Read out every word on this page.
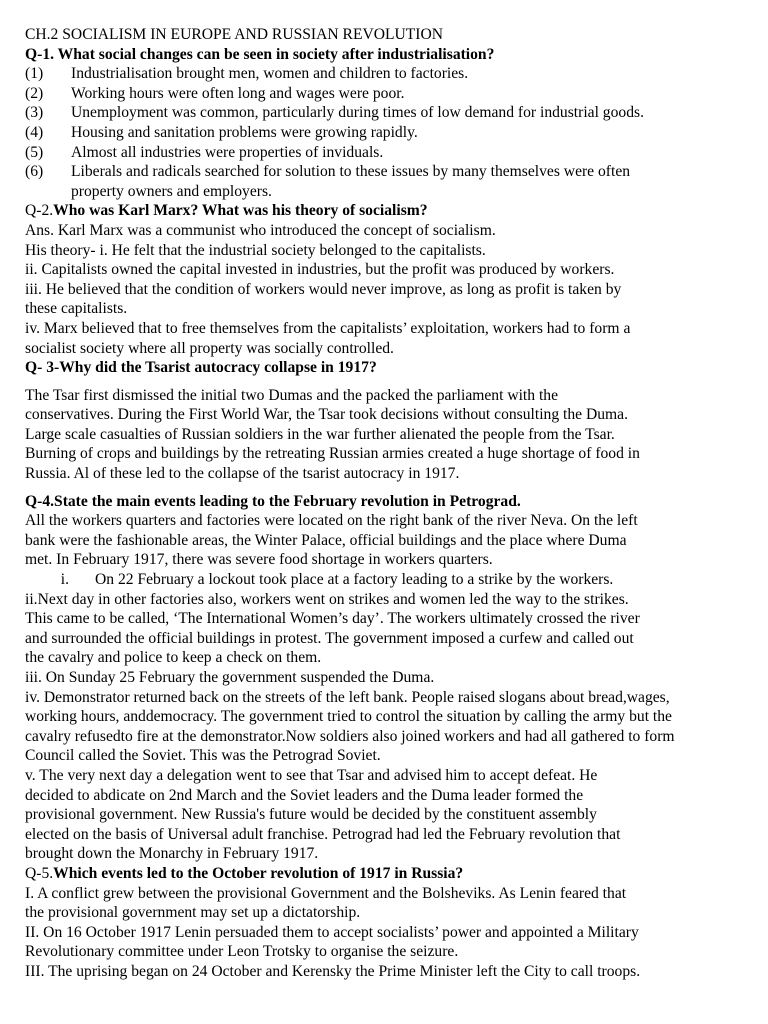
CH.2 SOCIALISM IN EUROPE AND RUSSIAN REVOLUTION
Q-1. What social changes can be seen in society after industrialisation?
(1)	Industrialisation brought men, women and children to factories.
(2)	Working hours were often long and wages were poor.
(3)	Unemployment was common, particularly during times of low demand for industrial goods.
(4)	Housing and sanitation problems were growing rapidly.
(5)	Almost all industries were properties of inviduals.
(6)	Liberals and radicals searched for solution to these issues by many themselves were often
property owners and employers.
Q-2.Who was Karl Marx? What was his theory of socialism?
Ans. Karl Marx was a communist who introduced the concept of socialism.
His theory- i. He felt that the industrial society belonged to the capitalists.
ii. Capitalists owned the capital invested in industries, but the profit was produced by workers.
iii. He believed that the condition of workers would never improve, as long as profit is taken by
these capitalists.
iv. Marx believed that to free themselves from the capitalists’ exploitation, workers had to form a
socialist society where all property was socially controlled.
Q- 3-Why did the Tsarist autocracy collapse in 1917?
The Tsar first dismissed the initial two Dumas and the packed the parliament with the
conservatives. During the First World War, the Tsar took decisions without consulting the Duma.
Large scale casualties of Russian soldiers in the war further alienated the people from the Tsar.
Burning of crops and buildings by the retreating Russian armies created a huge shortage of food in
Russia. Al of these led to the collapse of the tsarist autocracy in 1917.
Q-4.State the main events leading to the February revolution in Petrograd.
All the workers quarters and factories were located on the right bank of the river Neva. On the left
bank were the fashionable areas, the Winter Palace, official buildings and the place where Duma
met. In February 1917, there was severe food shortage in workers quarters.
i.	On 22 February a lockout took place at a factory leading to a strike by the workers.
ii.Next day in other factories also, workers went on strikes and women led the way to the strikes.
This came to be called, ‘The International Women’s day’. The workers ultimately crossed the river
and surrounded the official buildings in protest. The government imposed a curfew and called out
the cavalry and police to keep a check on them.
iii. On Sunday 25 February the government suspended the Duma.
iv. Demonstrator returned back on the streets of the left bank. People raised slogans about bread,wages,
working hours, anddemocracy. The government tried to control the situation by calling the army but the
cavalry refusedto fire at the demonstrator.Now soldiers also joined workers and had all gathered to form
Council called the Soviet. This was the Petrograd Soviet.
v. The very next day a delegation went to see that Tsar and advised him to accept defeat. He
decided to abdicate on 2nd March and the Soviet leaders and the Duma leader formed the
provisional government. New Russia's future would be decided by the constituent assembly
elected on the basis of Universal adult franchise. Petrograd had led the February revolution that
brought down the Monarchy in February 1917.
Q-5.Which events led to the October revolution of 1917 in Russia?
I. A conflict grew between the provisional Government and the Bolsheviks. As Lenin feared that
the provisional government may set up a dictatorship.
II. On 16 October 1917 Lenin persuaded them to accept socialists’ power and appointed a Military
Revolutionary committee under Leon Trotsky to organise the seizure.
III. The uprising began on 24 October and Kerensky the Prime Minister left the City to call troops.
